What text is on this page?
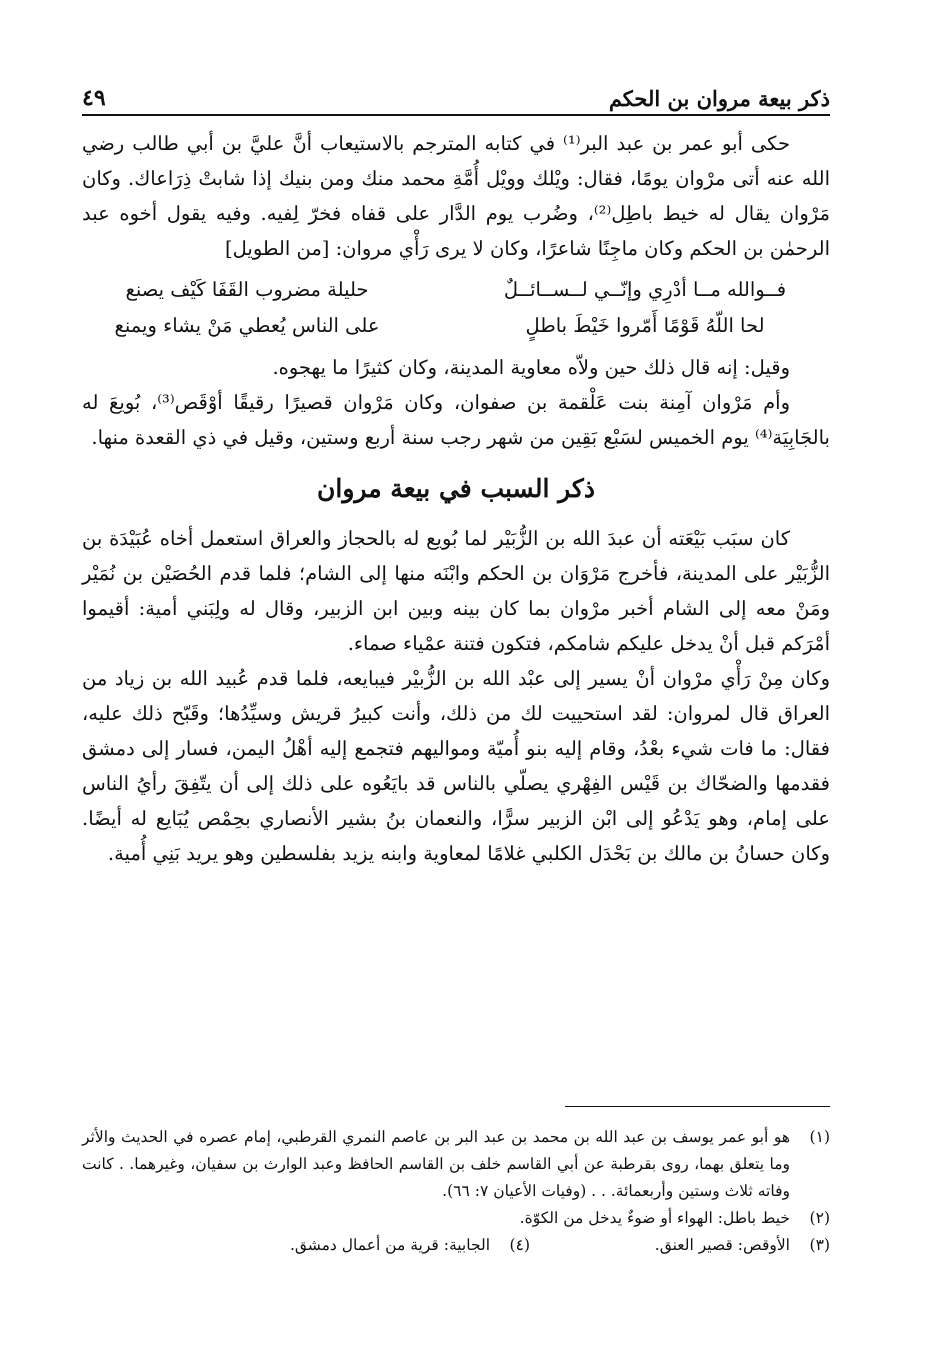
ذكر بيعة مروان بن الحكم
٤٩

حكى أبو عمر بن عبد البر⁽¹⁾ في كتابه المترجم بالاستيعاب أنَّ عليَّ بن أبي طالب رضي الله عنه أتى مرْوان يومًا، فقال: ويْلك وويْل أُمَّةِ محمد منك ومن بنيك إذا شابتْ ذِرَاعاك. وكان مَرْوان يقال له خيط باطِل⁽²⁾، وضُرب يوم الدَّار على قفاه فخرّ لِفيه. وفيه يقول أخوه عبد الرحمٰن بن الحكم وكان ماجِنًا شاعرًا، وكان لا يرى رَأْي مروان: [من الطويل]

فــوالله مــا أدْرِي وإنّــي لــســائــلٌ
حليلة مضروب القَفَا كَيْف يصنع
لحا اللّهُ قَوْمًا أَمّروا خَيْطَ باطلٍ
على الناس يُعطي مَنْ يشاء ويمنع

وقيل: إنه قال ذلك حين ولاّه معاوية المدينة، وكان كثيرًا ما يهجوه.

وأم مَرْوان آمِنة بنت عَلْقمة بن صفوان، وكان مَرْوان قصيرًا رقيقًا أوْقَص⁽³⁾، بُويعَ له بالجَابِيَة⁽⁴⁾ يوم الخميس لسَبْع بَقِين من شهر رجب سنة أربع وستين، وقيل في ذي القعدة منها.

ذكر السبب في بيعة مروان

كان سبَب بَيْعَته أن عبدَ الله بن الزُّبَيْر لما بُويع له بالحجاز والعراق استعمل أخاه عُبَيْدَة بن الزُّبَيْر على المدينة، فأخرج مَرْوَان بن الحكم وابْنَه منها إلى الشام؛ فلما قدم الحُصَيْن بن نُمَيْر ومَنْ معه إلى الشام أخبر مرْوان بما كان بينه وبين ابن الزبير، وقال له ولِبَني أمية: أقيموا أمْرَكم قبل أنْ يدخل عليكم شامكم، فتكون فتنة عمْياء صماء.

وكان مِنْ رَأْي مرْوان أنْ يسير إلى عبْد الله بن الزُّبيْر فيبايعه، فلما قدم عُبيد الله بن زياد من العراق قال لمروان: لقد استحييت لك من ذلك، وأنت كبيرُ قريش وسيِّدُها؛ وقَبّح ذلك عليه، فقال: ما فات شيء بعْدُ، وقام إليه بنو أُميّة ومواليهم فتجمع إليه أهْلُ اليمن، فسار إلى دمشق فقدمها والضحّاك بن قَيْس الفِهْري يصلّي بالناس قد بايَعُوه على ذلك إلى أن يتّفِقَ رأيُ الناس على إمام، وهو يَدْعُو إلى ابْن الزبير سرًّا، والنعمان بنُ بشير الأنصاري بحِمْص يُبَايع له أيضًا. وكان حسانُ بن مالك بن بَحْدَل الكلبي غلامًا لمعاوية وابنه يزيد بفلسطين وهو يريد بَنِي أُمية.

(١)
هو أبو عمر يوسف بن عبد الله بن محمد بن عبد البر بن عاصم النمري القرطبي، إمام عصره في الحديث والأثر وما يتعلق بهما، روى بقرطبة عن أبي القاسم خلف بن القاسم الحافظ وعبد الوارث بن سفيان، وغيرهما. . كانت وفاته ثلاث وستين وأربعمائة. . . (وفيات الأعيان ٧: ٦٦).
(٢)
خيط باطل: الهواء أو ضوءٌ يدخل من الكوّة.
(٣)
الأوقص: قصير العنق.
(٤)
الجابية: قرية من أعمال دمشق.
